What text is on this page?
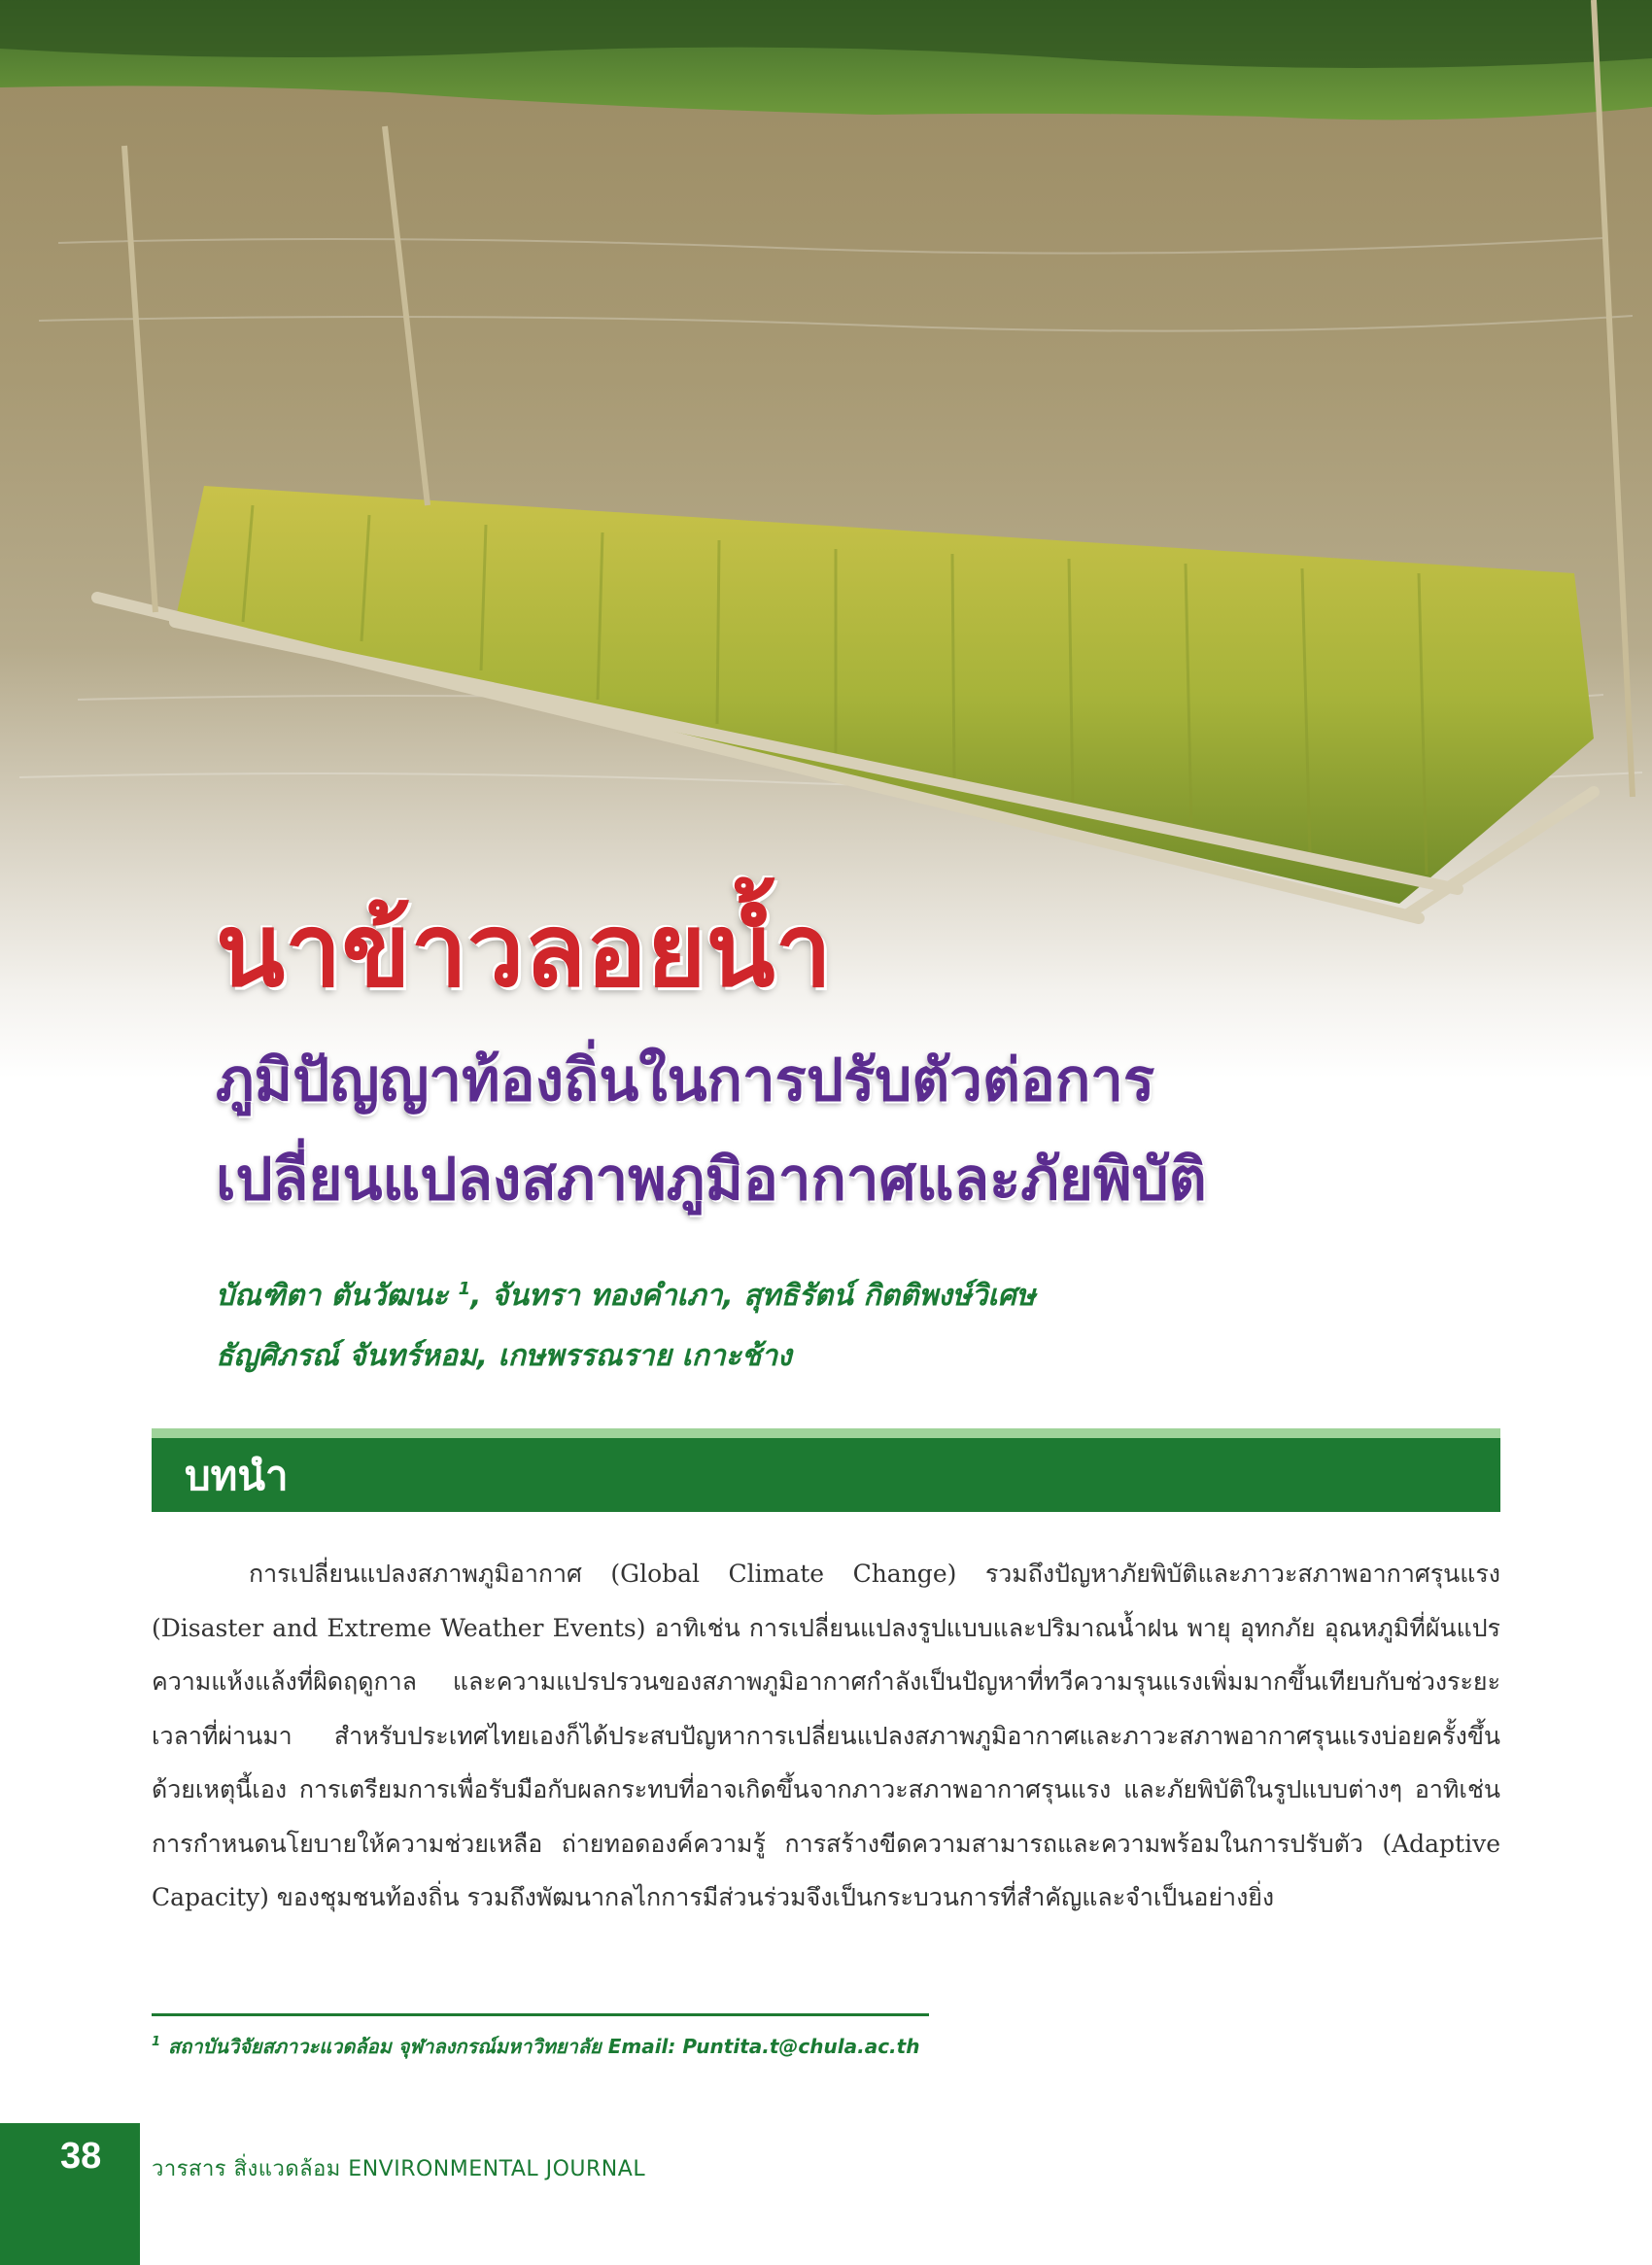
นาข้าวลอยน้ำ
ภูมิปัญญาท้องถิ่นในการปรับตัวต่อการ
เปลี่ยนแปลงสภาพภูมิอากาศและภัยพิบัติ
บัณฑิตา ตันวัฒนะ $^1$, จันทรา ทองคำเภา, สุทธิรัตน์ กิตติพงษ์วิเศษ
ธัญศิภรณ์ จันทร์หอม, เกษพรรณราย เกาะช้าง
บทนำ

การเปลี่ยนแปลงสภาพภูมิอากาศ (Global Climate Change) รวมถึงปัญหาภัยพิบัติและภาวะสภาพอากาศรุนแรง (Disaster and Extreme Weather Events) อาทิเช่น การเปลี่ยนแปลงรูปแบบและปริมาณน้ำฝน พายุ อุทกภัย อุณหภูมิที่ผันแปร ความแห้งแล้งที่ผิดฤดูกาล และความแปรปรวนของสภาพภูมิอากาศกำลังเป็นปัญหาที่ทวีความรุนแรงเพิ่มมากขึ้นเทียบกับช่วงระยะเวลาที่ผ่านมา สำหรับประเทศไทยเองก็ได้ประสบปัญหาการเปลี่ยนแปลงสภาพภูมิอากาศและภาวะสภาพอากาศรุนแรงบ่อยครั้งขึ้น ด้วยเหตุนี้เอง การเตรียมการเพื่อรับมือกับผลกระทบที่อาจเกิดขึ้นจากภาวะสภาพอากาศรุนแรง และภัยพิบัติในรูปแบบต่างๆ อาทิเช่น การกำหนดนโยบายให้ความช่วยเหลือ ถ่ายทอดองค์ความรู้ การสร้างขีดความสามารถและความพร้อมในการปรับตัว (Adaptive Capacity) ของชุมชนท้องถิ่น รวมถึงพัฒนากลไกการมีส่วนร่วมจึงเป็นกระบวนการที่สำคัญและจำเป็นอย่างยิ่ง

$^1$ สถาบันวิจัยสภาวะแวดล้อม จุฬาลงกรณ์มหาวิทยาลัย Email: Puntita.t@chula.ac.th
38 วารสาร สิ่งแวดล้อม ENVIRONMENTAL JOURNAL
